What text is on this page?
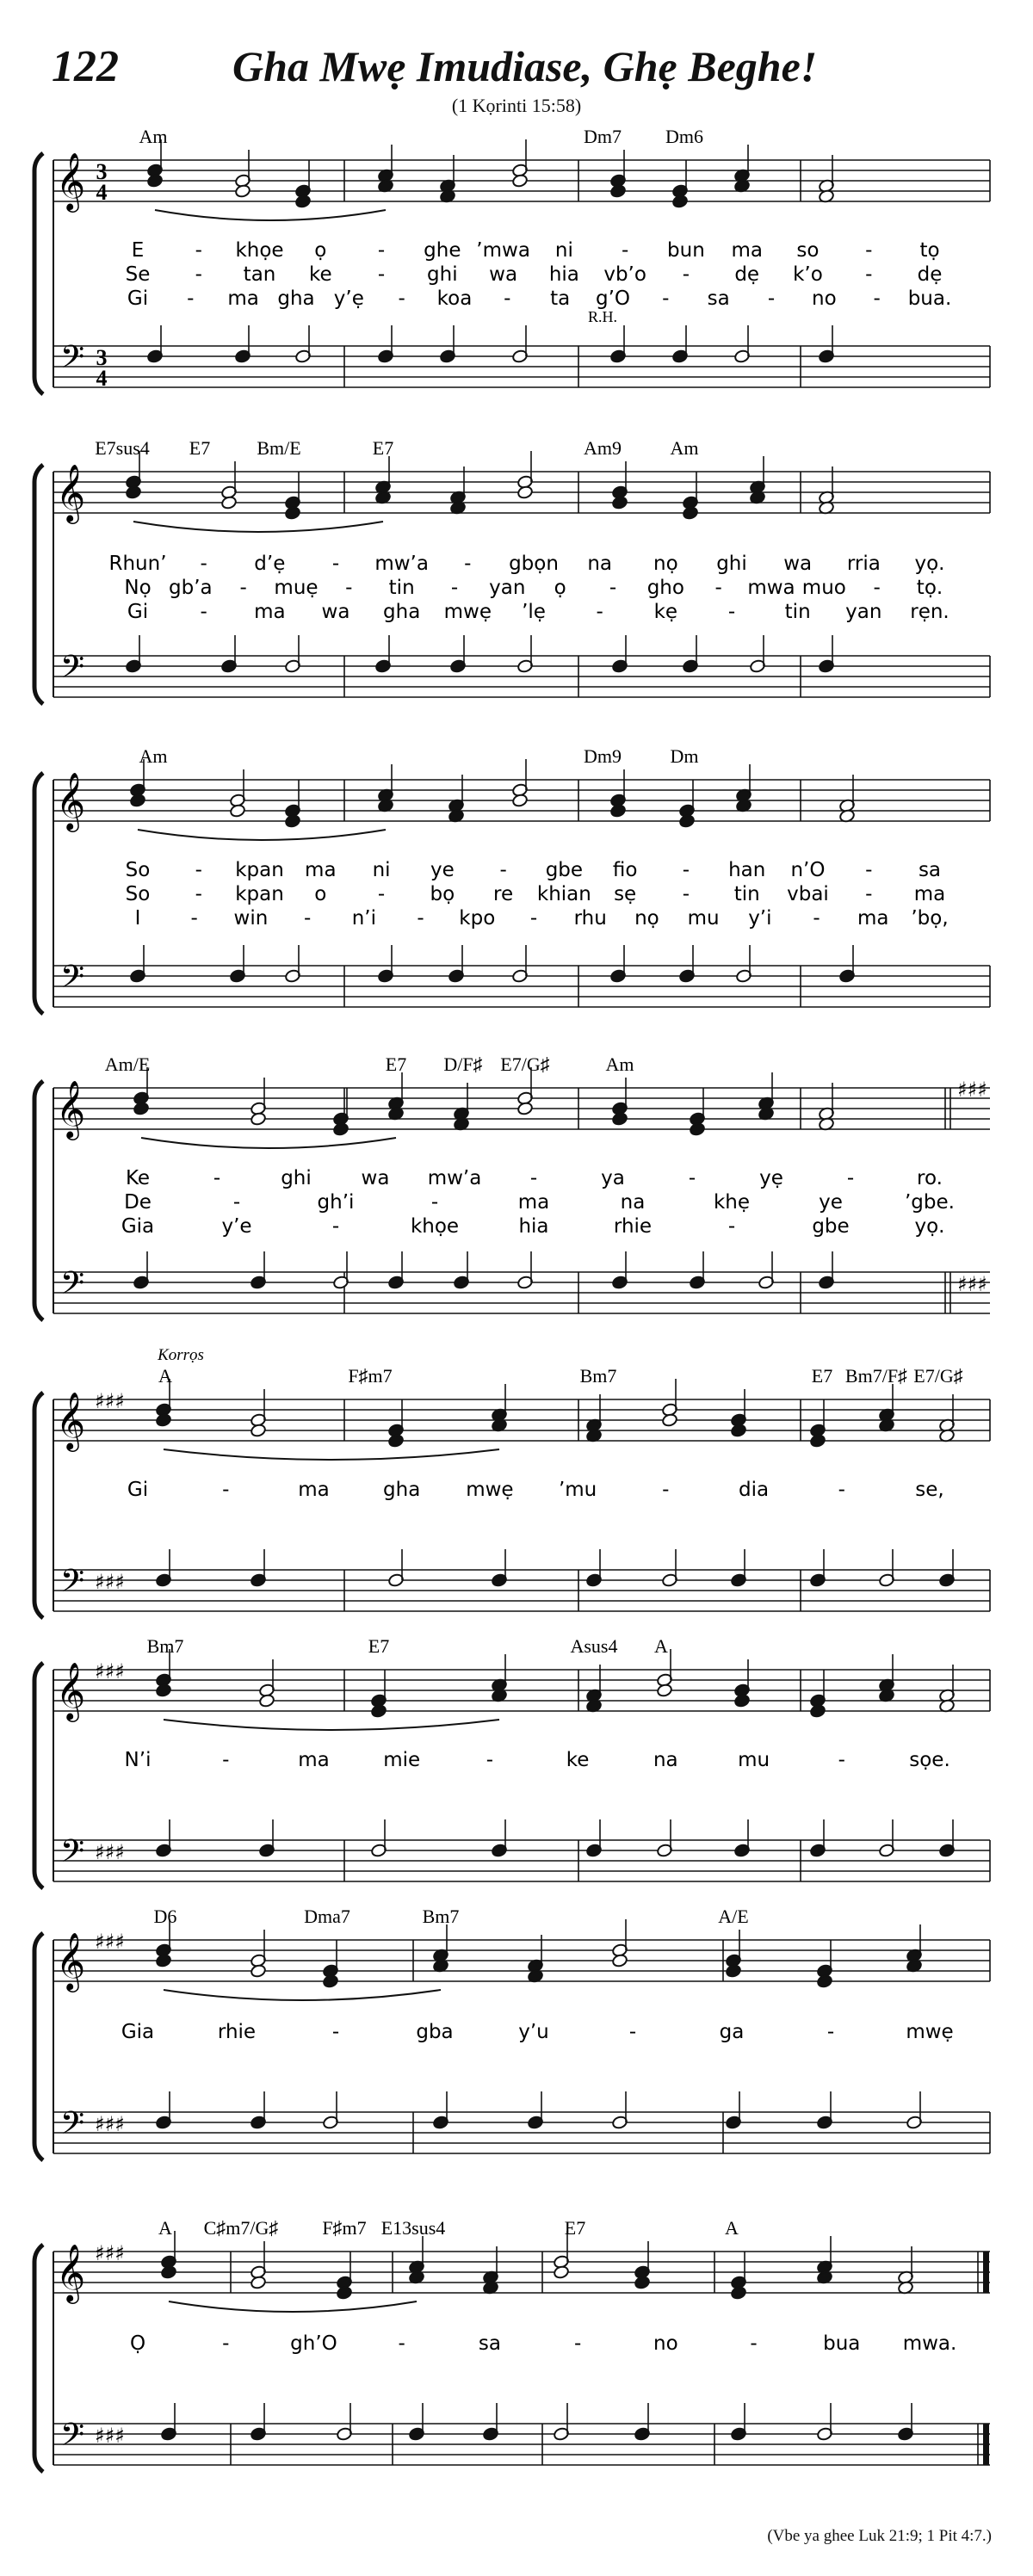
122	Gha Mwẹ Imudiase, Ghẹ Beghe!
(1 Kọrinti 15:58)
𝄞
𝄢
3
4
3
4
Am	Dm7 Dm6
E	- khọe ọ	- ghe ’mwa ni - bun ma so - tọ
Se - tan ke - ghi wa hia vb’o - dẹ k’o - dẹ
Gi - ma gha y’ẹ - koa - ta g’O - sa - no - bua.
R.H.
𝄞
𝄢
E7sus4 E7 Bm/E	E7	Am9	Am
Rhun’ - d’ẹ - mw’a - gbọn na nọ ghi wa rria yọ.
Nọ gb’a - muẹ - tin - yan ọ - gho - mwa muo - tọ.
Gi	- ma wa gha mwẹ ’lẹ	-	kẹ	-	tin yan rẹn.
𝄞
𝄢
Am	Dm9	Dm
So - kpan ma ni ye - gbe fio - han n’O - sa
So - kpan o	- bọ re khian sẹ - tin vbai - ma
I	- win - n’i - kpo - rhu nọ mu y’i - ma ’bọ,
𝄞
𝄢
♯♯♯
♯♯♯
Am/E	E7 D/F♯ E7/G♯	Am
Ke	-	ghi	wa mw’a -	ya	-	yẹ	-	ro.
De	-	gh’i	-	ma	na	khẹ	ye	’gbe.
Gia	y’e	-	khọe	hia	rhie	-	gbe	yọ.
𝄞
𝄢
♯♯♯
♯♯♯
A	F♯m7	Bm7	E7 Bm7/F♯ E7/G♯
Gi	-	ma	gha mwẹ ’mu	-	dia	-	se,
Korrọs
𝄞
𝄢
♯♯♯
♯♯♯
Bm7	E7	Asus4 A
N’i	-	ma	mie	-	ke	na	mu	-	sọe.
𝄞
𝄢
♯♯♯
♯♯♯
D6	Dma7	Bm7	A/E
Gia	rhie	-	gba	y’u	-	ga	-	mwẹ
𝄞
𝄢
♯♯♯
♯♯♯
A C♯m7/G♯ F♯m7 E13sus4	E7	A
Ọ	-	gh’O	-	sa	-	no	-	bua mwa.
(Vbe ya ghee Luk 21:9; 1 Pit 4:7.)
